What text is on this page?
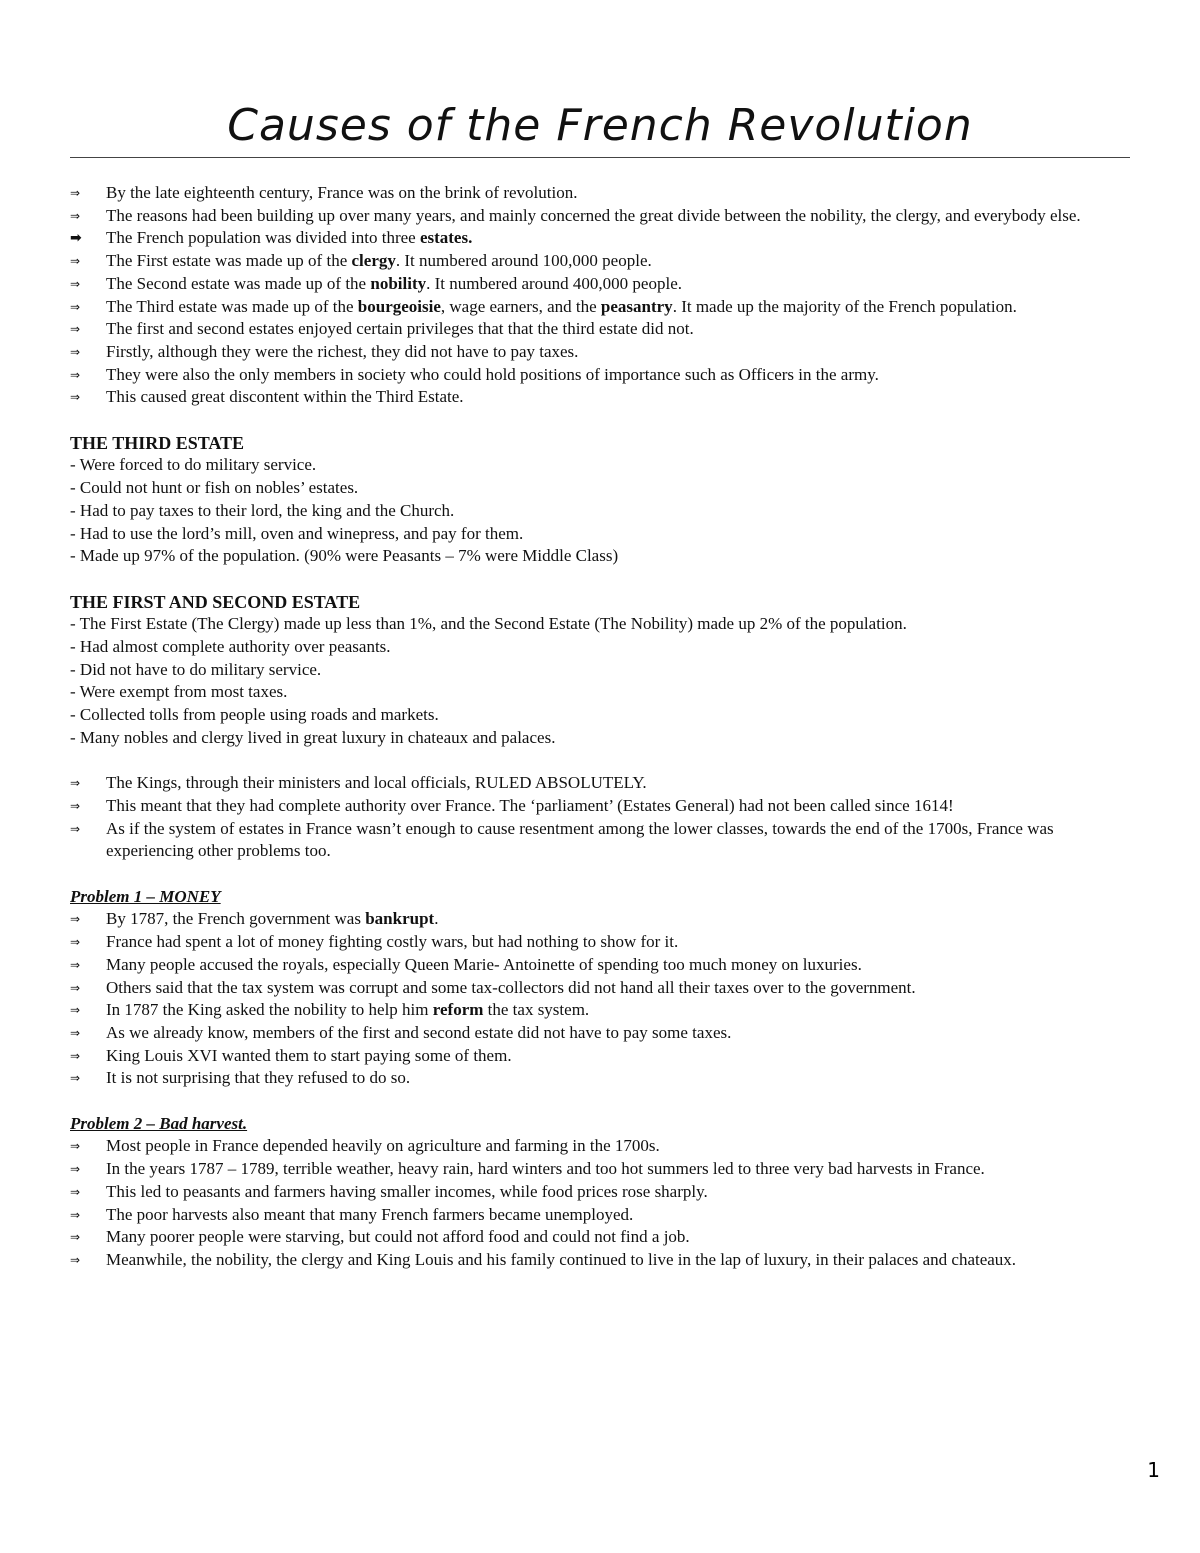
Causes of the French Revolution
⇒	By the late eighteenth century, France was on the brink of revolution.
⇒	The reasons had been building up over many years, and mainly concerned the great divide between the nobility, the clergy, and everybody else.
➡	The French population was divided into three estates.
⇒	The First estate was made up of the clergy. It numbered around 100,000 people.
⇒	The Second estate was made up of the nobility. It numbered around 400,000 people.
⇒	The Third estate was made up of the bourgeoisie, wage earners, and the peasantry. It made up the majority of the French population.
⇒	The first and second estates enjoyed certain privileges that that the third estate did not.
⇒	Firstly, although they were the richest, they did not have to pay taxes.
⇒	They were also the only members in society who could hold positions of importance such as Officers in the army.
⇒	This caused great discontent within the Third Estate.
THE THIRD ESTATE
- Were forced to do military service.
- Could not hunt or fish on nobles’ estates.
- Had to pay taxes to their lord, the king and the Church.
- Had to use the lord’s mill, oven and winepress, and pay for them.
- Made up 97% of the population. (90% were Peasants – 7% were Middle Class)
THE FIRST AND SECOND ESTATE
- The First Estate (The Clergy) made up less than 1%, and the Second Estate (The Nobility) made up 2% of the population.
- Had almost complete authority over peasants.
- Did not have to do military service.
- Were exempt from most taxes.
- Collected tolls from people using roads and markets.
- Many nobles and clergy lived in great luxury in chateaux and palaces.
⇒	The Kings, through their ministers and local officials, RULED ABSOLUTELY.
⇒	This meant that they had complete authority over France. The ‘parliament’ (Estates General) had not been called since 1614!
⇒	As if the system of estates in France wasn’t enough to cause resentment among the lower classes, towards the end of the 1700s, France was experiencing other problems too.
Problem 1 – MONEY
⇒	By 1787, the French government was bankrupt.
⇒	France had spent a lot of money fighting costly wars, but had nothing to show for it.
⇒	Many people accused the royals, especially Queen Marie- Antoinette of spending too much money on luxuries.
⇒	Others said that the tax system was corrupt and some tax-collectors did not hand all their taxes over to the government.
⇒	In 1787 the King asked the nobility to help him reform the tax system.
⇒	As we already know, members of the first and second estate did not have to pay some taxes.
⇒	King Louis XVI wanted them to start paying some of them.
⇒	It is not surprising that they refused to do so.
Problem 2 – Bad harvest.
⇒	Most people in France depended heavily on agriculture and farming in the 1700s.
⇒	In the years 1787 – 1789, terrible weather, heavy rain, hard winters and too hot summers led to three very bad harvests in France.
⇒	This led to peasants and farmers having smaller incomes, while food prices rose sharply.
⇒	The poor harvests also meant that many French farmers became unemployed.
⇒	Many poorer people were starving, but could not afford food and could not find a job.
⇒	Meanwhile, the nobility, the clergy and King Louis and his family continued to live in the lap of luxury, in their palaces and chateaux.
1
